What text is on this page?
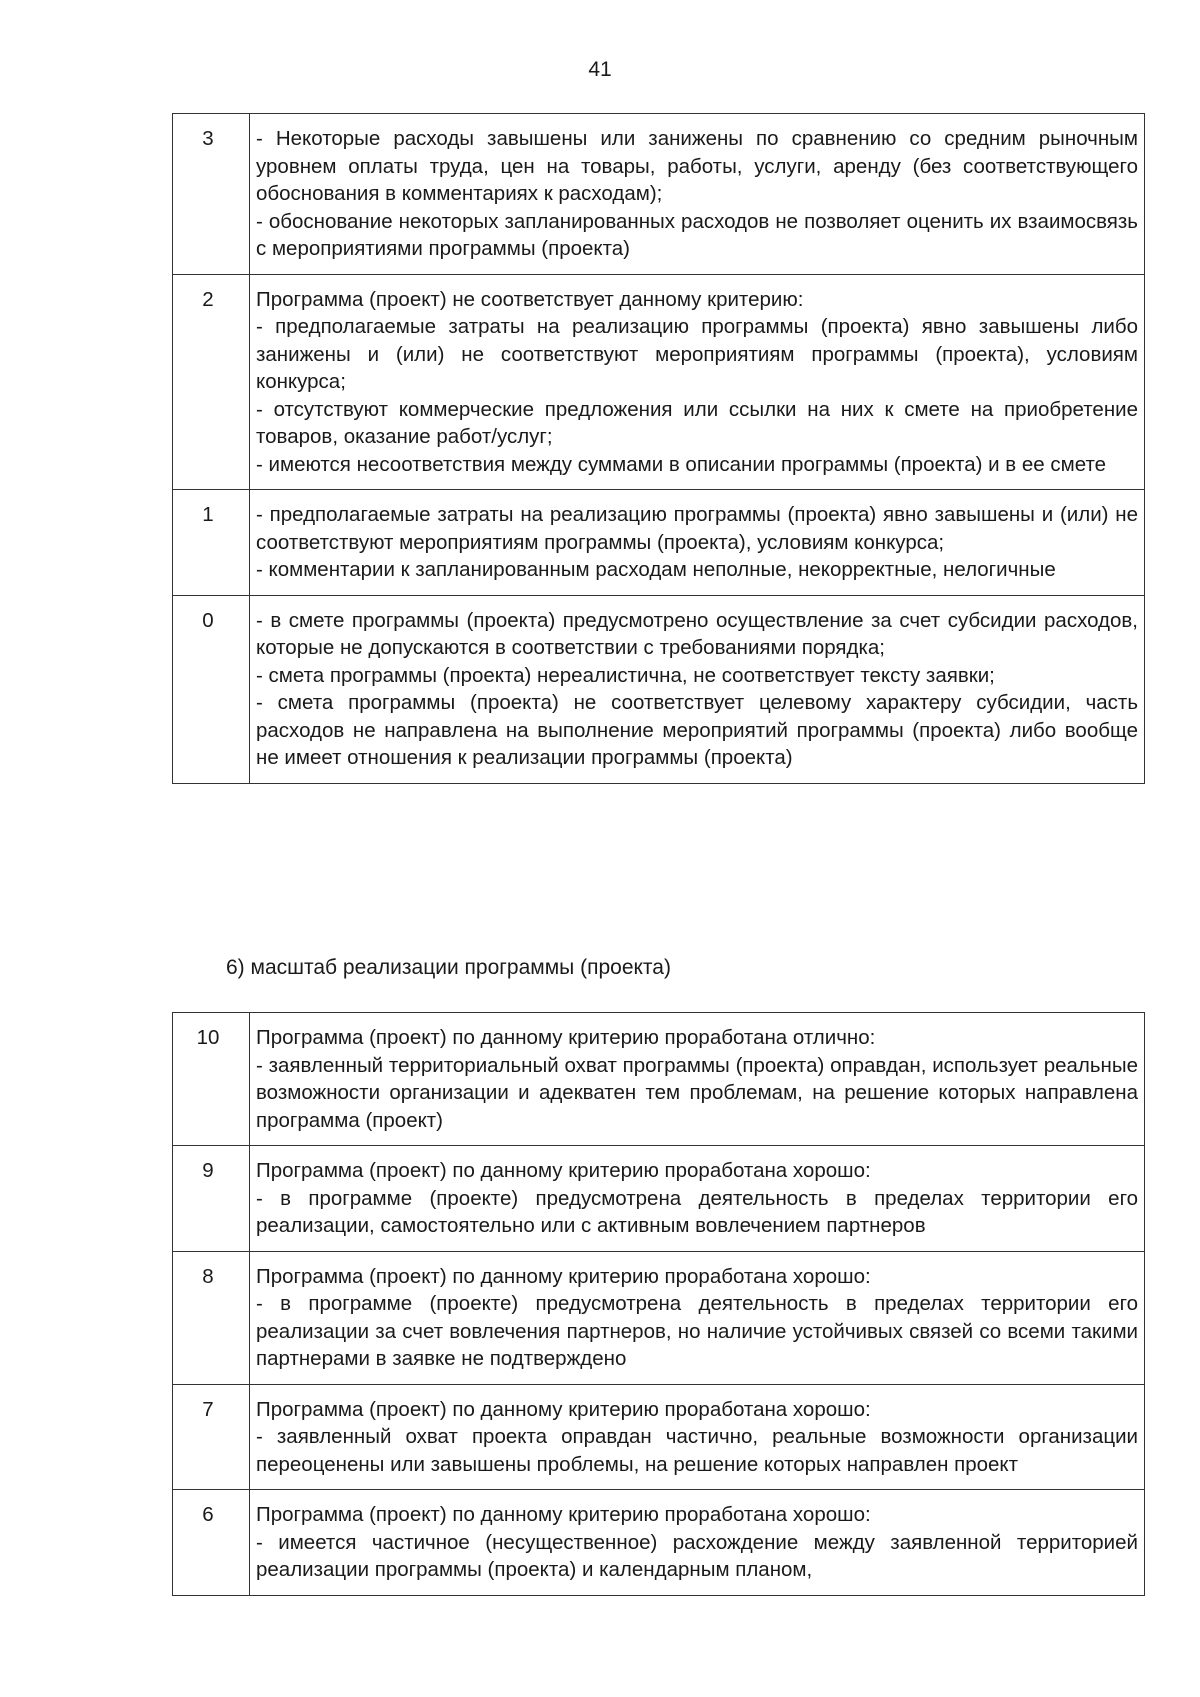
41
3	- Некоторые расходы завышены или занижены по сравнению со средним рыночным уровнем оплаты труда, цен на товары, работы, услуги, аренду (без соответствующего обоснования в комментариях к расходам);
- обоснование некоторых запланированных расходов не позволяет оценить их взаимосвязь с мероприятиями программы (проекта)

2	Программа (проект) не соответствует данному критерию:
- предполагаемые затраты на реализацию программы (проекта) явно завышены либо занижены и (или) не соответствуют мероприятиям программы (проекта), условиям конкурса;
- отсутствуют коммерческие предложения или ссылки на них к смете на приобретение товаров, оказание работ/услуг;
- имеются несоответствия между суммами в описании программы (проекта) и в ее смете

1	- предполагаемые затраты на реализацию программы (проекта) явно завышены и (или) не соответствуют мероприятиям программы (проекта), условиям конкурса;
- комментарии к запланированным расходам неполные, некорректные, нелогичные

0	- в смете программы (проекта) предусмотрено осуществление за счет субсидии расходов, которые не допускаются в соответствии с требованиями порядка;
- смета программы (проекта) нереалистична, не соответствует тексту заявки;
- смета программы (проекта) не соответствует целевому характеру субсидии, часть расходов не направлена на выполнение мероприятий программы (проекта) либо вообще не имеет отношения к реализации программы (проекта)
6) масштаб реализации программы (проекта)
10	Программа (проект) по данному критерию проработана отлично:
- заявленный территориальный охват программы (проекта) оправдан, использует реальные возможности организации и адекватен тем проблемам, на решение которых направлена программа (проект)

9	Программа (проект) по данному критерию проработана хорошо:
- в программе (проекте) предусмотрена деятельность в пределах территории его реализации, самостоятельно или с активным вовлечением партнеров

8	Программа (проект) по данному критерию проработана хорошо:
- в программе (проекте) предусмотрена деятельность в пределах территории его реализации за счет вовлечения партнеров, но наличие устойчивых связей со всеми такими партнерами в заявке не подтверждено

7	Программа (проект) по данному критерию проработана хорошо:
- заявленный охват проекта оправдан частично, реальные возможности организации переоценены или завышены проблемы, на решение которых направлен проект

6	Программа (проект) по данному критерию проработана хорошо:
- имеется частичное (несущественное) расхождение между заявленной территорией реализации программы (проекта) и календарным планом,
